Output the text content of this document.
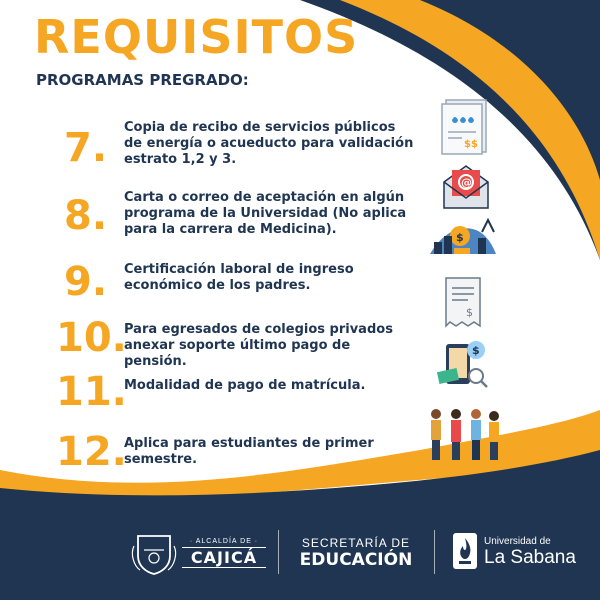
REQUISITOS
PROGRAMAS PREGRADO:
7. Copia de recibo de servicios públicos de energía o acueducto para validación estrato 1,2 y 3.
$$
8. Carta o correo de aceptación en algún programa de la Universidad (No aplica para la carrera de Medicina).
@
9. Certificación laboral de ingreso económico de los padres.
$
10.
Para egresados de colegios privados anexar soporte último pago de pensión.
$
11.
Modalidad de pago de matrícula.
$
12.
Aplica para estudiantes de primer semestre.
· ALCALDÍA DE ·
CAJICÁ
SECRETARÍA DE
EDUCACIÓN
Universidad de
La Sabana
